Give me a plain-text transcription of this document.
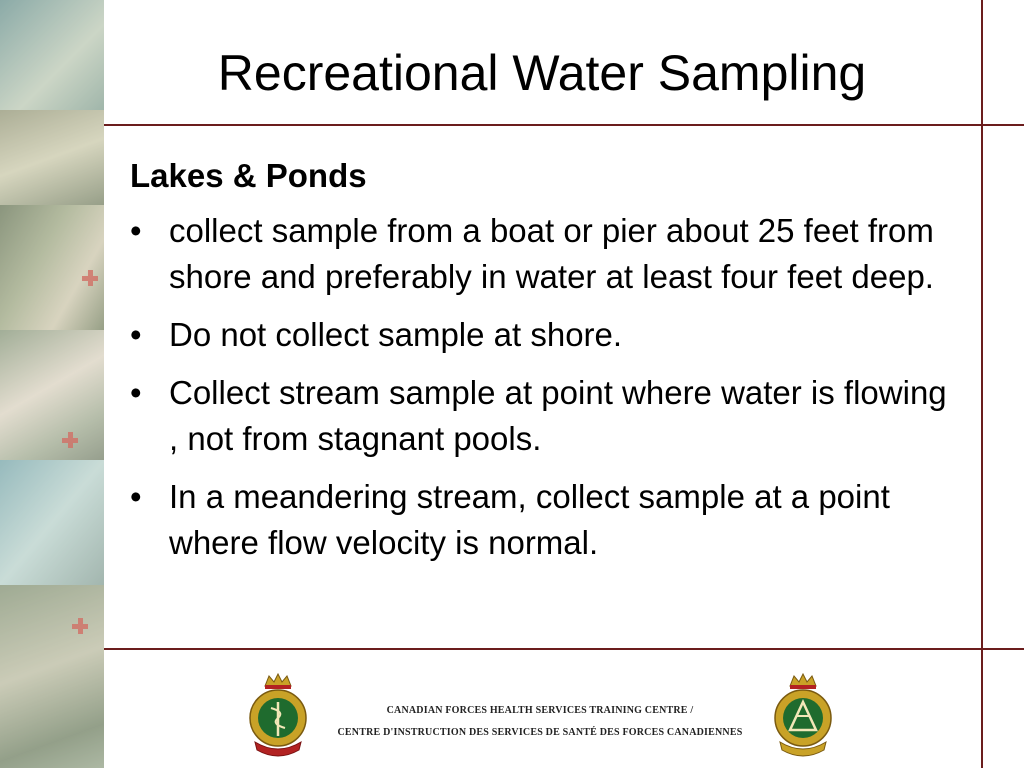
Recreational Water Sampling
Lakes & Ponds
• collect sample from a boat or pier about 25 feet from shore and preferably in water at least four feet deep.
• Do not collect sample at shore.
• Collect stream sample at point where water is flowing , not from stagnant pools.
• In a meandering stream, collect sample at a point where flow velocity is normal.
CANADIAN FORCES HEALTH SERVICES TRAINING CENTRE /
CENTRE D'INSTRUCTION DES SERVICES DE SANTÉ DES FORCES CANADIENNES
